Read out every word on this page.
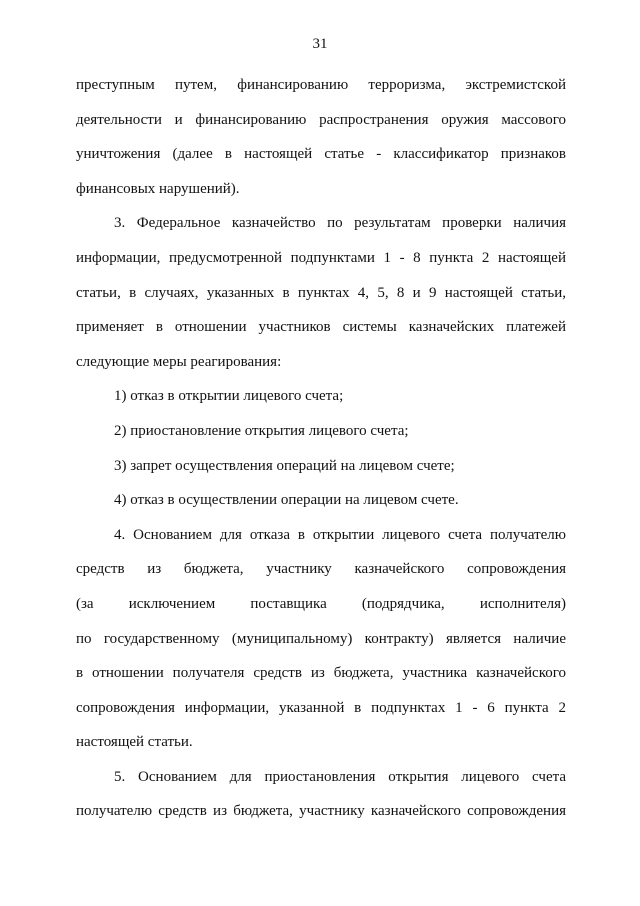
31
преступным путем, финансированию терроризма, экстремистской
деятельности и финансированию распространения оружия массового
уничтожения (далее в настоящей статье - классификатор признаков
финансовых нарушений).
3. Федеральное казначейство по результатам проверки наличия
информации, предусмотренной подпунктами 1 - 8 пункта 2 настоящей
статьи, в случаях, указанных в пунктах 4, 5, 8 и 9 настоящей статьи,
применяет в отношении участников системы казначейских платежей
следующие меры реагирования:
1) отказ в открытии лицевого счета;
2) приостановление открытия лицевого счета;
3) запрет осуществления операций на лицевом счете;
4) отказ в осуществлении операции на лицевом счете.
4. Основанием для отказа в открытии лицевого счета получателю
средств из бюджета, участнику казначейского сопровождения
(за исключением поставщика (подрядчика, исполнителя)
по государственному (муниципальному) контракту) является наличие
в отношении получателя средств из бюджета, участника казначейского
сопровождения информации, указанной в подпунктах 1 - 6 пункта 2
настоящей статьи.
5. Основанием для приостановления открытия лицевого счета
получателю средств из бюджета, участнику казначейского сопровождения
